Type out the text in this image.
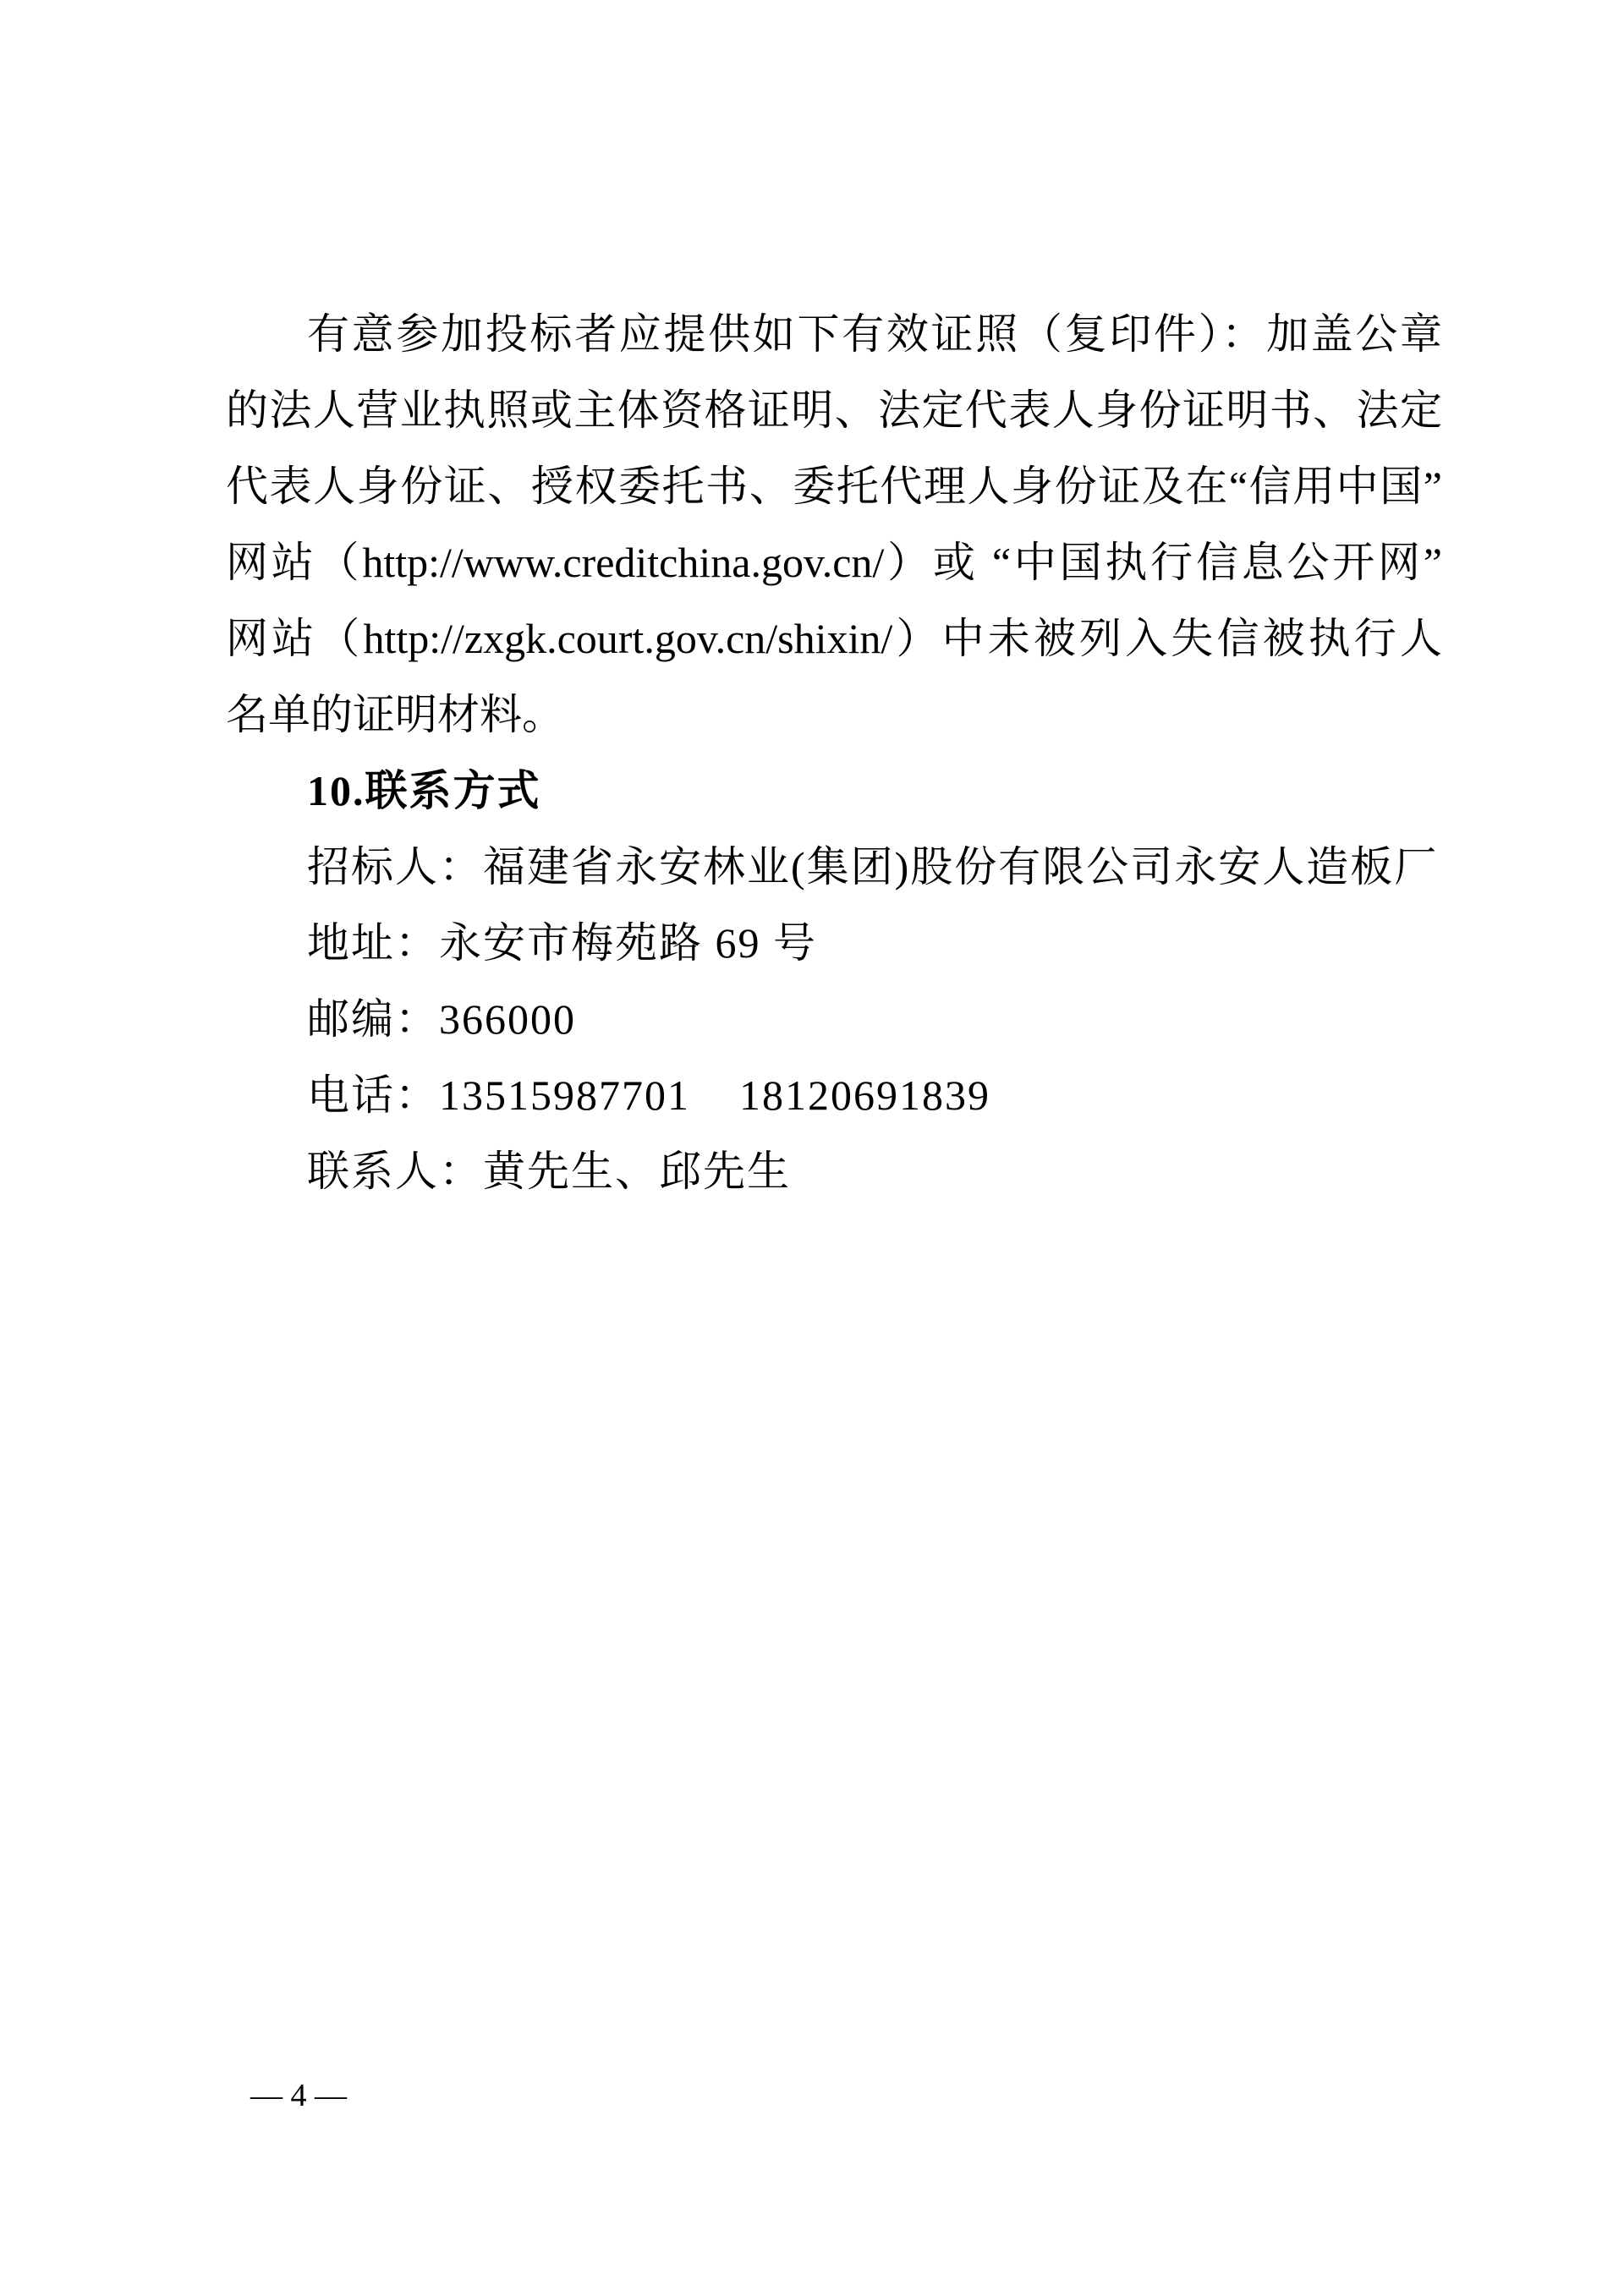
有意参加投标者应提供如下有效证照（复印件）：加盖公章
的法人营业执照或主体资格证明、法定代表人身份证明书、法定
代表人身份证、授权委托书、委托代理人身份证及在“信用中国”
网站（http://www.creditchina.gov.cn/）或 “中国执行信息公开网”
网站（http://zxgk.court.gov.cn/shixin/）中未被列入失信被执行人
名单的证明材料。
10.联系方式
招标人：福建省永安林业(集团)股份有限公司永安人造板厂
地址：永安市梅苑路 69 号
邮编：366000
电话：13515987701    18120691839
联系人：黄先生、邱先生
— 4 —
